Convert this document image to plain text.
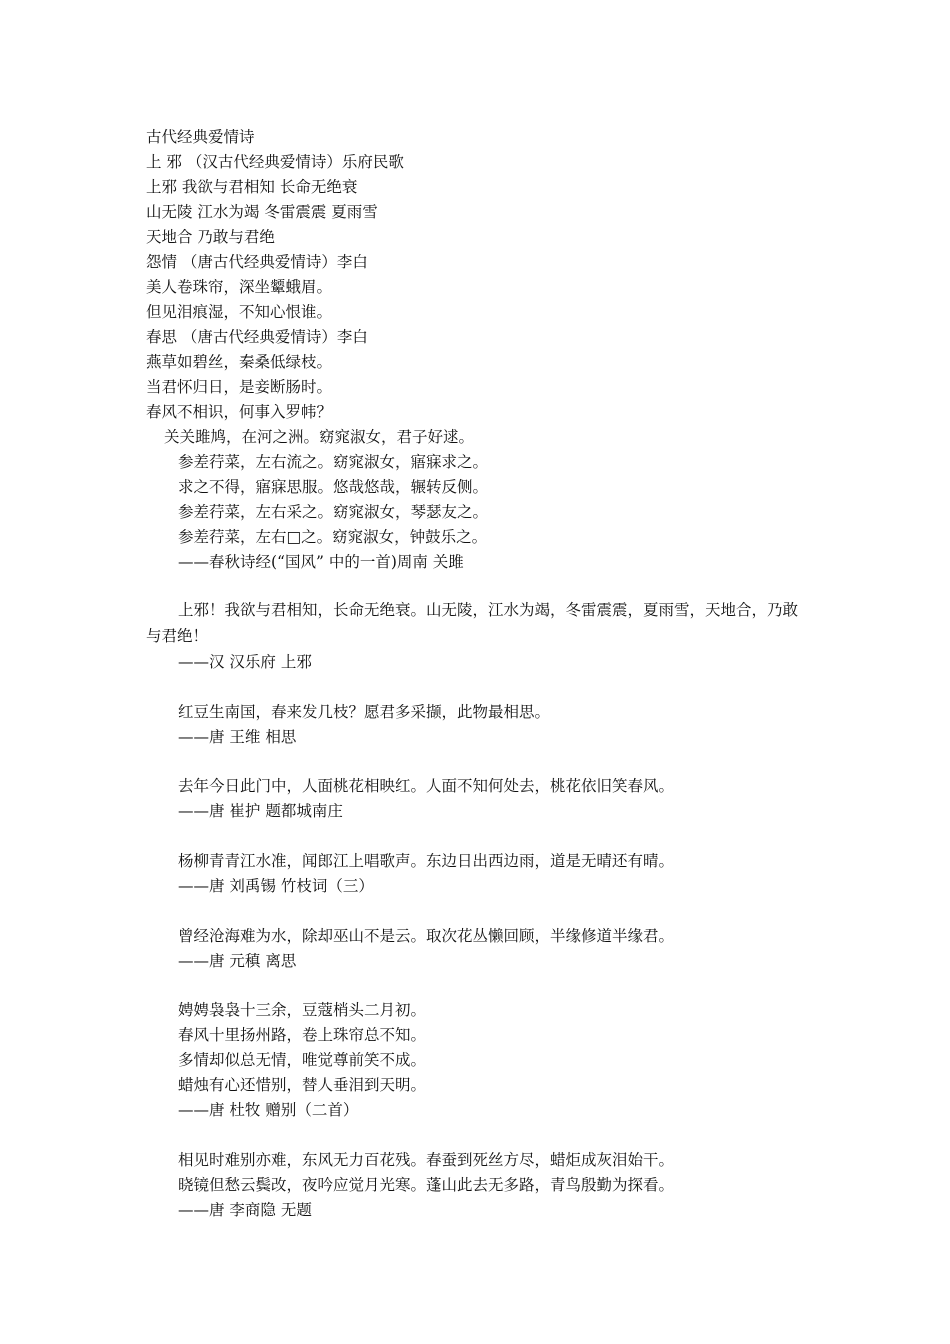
古代经典爱情诗
上 邪 （汉古代经典爱情诗）乐府民歌
上邪 我欲与君相知 长命无绝衰
山无陵 江水为竭 冬雷震震 夏雨雪
天地合 乃敢与君绝
怨情 （唐古代经典爱情诗）李白
美人卷珠帘，深坐颦蛾眉。
但见泪痕湿，不知心恨谁。
春思 （唐古代经典爱情诗）李白
燕草如碧丝，秦桑低绿枝。
当君怀归日，是妾断肠时。
春风不相识，何事入罗帏？
关关雎鸠，在河之洲。窈窕淑女，君子好逑。
参差荇菜，左右流之。窈窕淑女，寤寐求之。
求之不得，寤寐思服。悠哉悠哉，辗转反侧。
参差荇菜，左右采之。窈窕淑女，琴瑟友之。
参差荇菜，左右□之。窈窕淑女，钟鼓乐之。
——春秋诗经(“国风” 中的一首)周南 关雎
上邪！我欲与君相知，长命无绝衰。山无陵，江水为竭，冬雷震震，夏雨雪，天地合，乃敢与君绝！
——汉 汉乐府 上邪
红豆生南国，春来发几枝？愿君多采撷，此物最相思。
——唐 王维 相思
去年今日此门中，人面桃花相映红。人面不知何处去，桃花依旧笑春风。
——唐 崔护 题都城南庄
杨柳青青江水准，闻郎江上唱歌声。东边日出西边雨，道是无晴还有晴。
——唐 刘禹锡 竹枝词（三）
曾经沧海难为水，除却巫山不是云。取次花丛懒回顾，半缘修道半缘君。
——唐 元稹 离思
娉娉袅袅十三余，豆蔻梢头二月初。
春风十里扬州路，卷上珠帘总不知。
多情却似总无情，唯觉尊前笑不成。
蜡烛有心还惜别，替人垂泪到天明。
——唐 杜牧 赠别（二首）
相见时难别亦难，东风无力百花残。春蚕到死丝方尽，蜡炬成灰泪始干。
晓镜但愁云鬓改，夜吟应觉月光寒。蓬山此去无多路，青鸟殷勤为探看。
——唐 李商隐 无题
